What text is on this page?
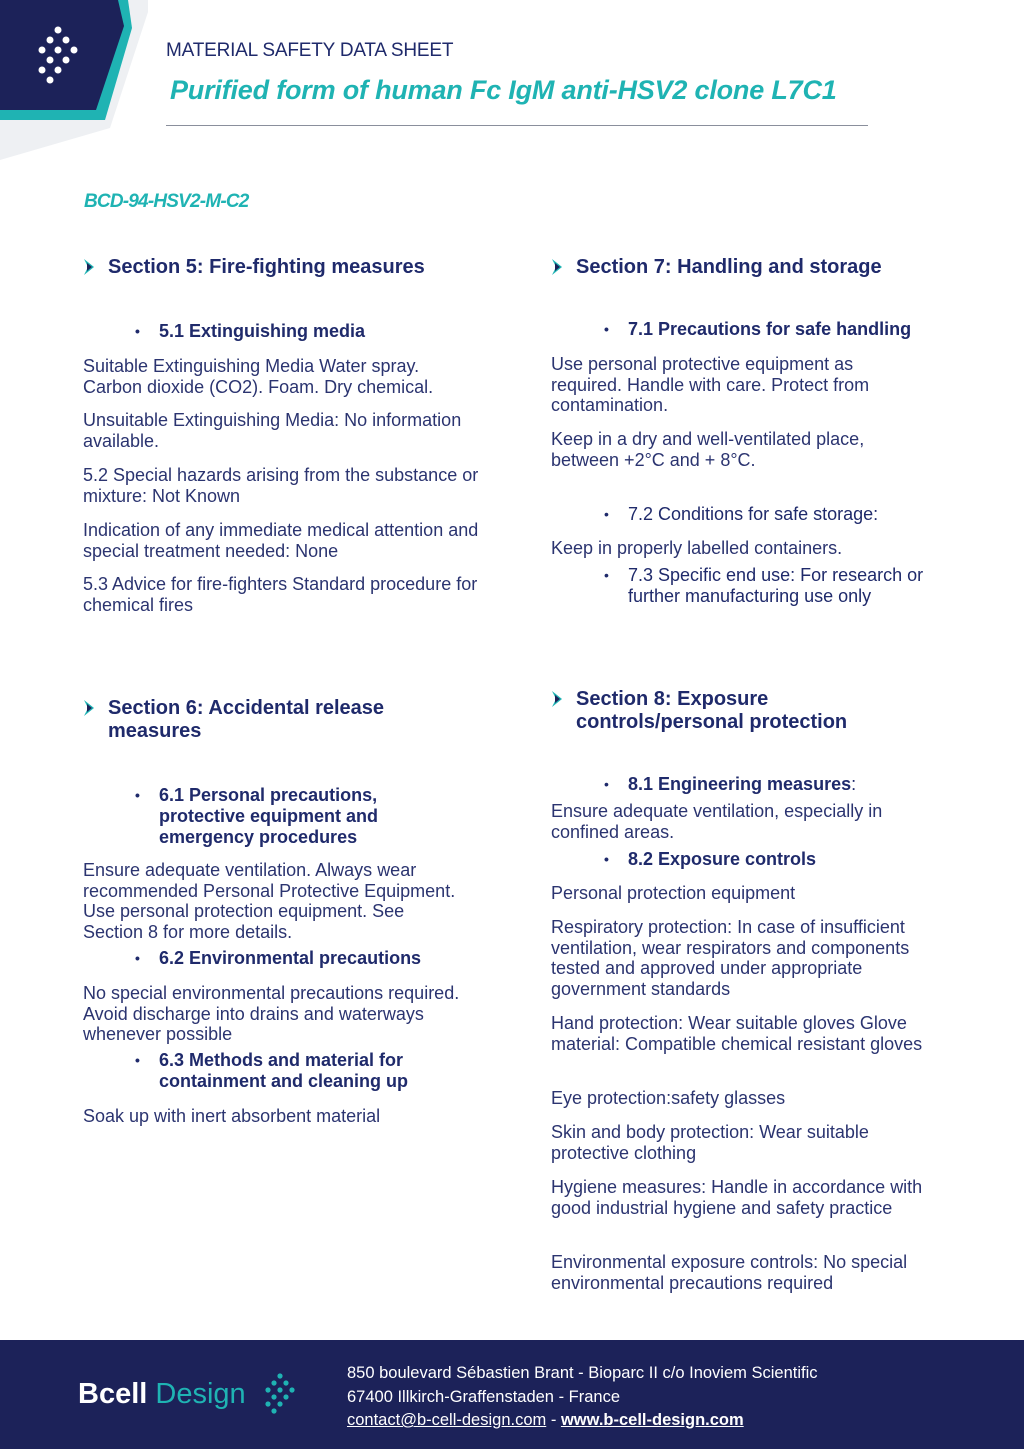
MATERIAL SAFETY DATA SHEET
Purified form of human Fc IgM anti-HSV2 clone L7C1
BCD-94-HSV2-M-C2
Section 5: Fire-fighting measures
• 5.1 Extinguishing media
Suitable Extinguishing Media Water spray. Carbon dioxide (CO2). Foam. Dry chemical.
Unsuitable Extinguishing Media: No information available.
5.2 Special hazards arising from the substance or mixture: Not Known
Indication of any immediate medical attention and special treatment needed: None
5.3 Advice for fire-fighters Standard procedure for chemical fires
Section 6: Accidental release measures
• 6.1 Personal precautions, protective equipment and emergency procedures
Ensure adequate ventilation. Always wear recommended Personal Protective Equipment. Use personal protection equipment. See Section 8 for more details.
• 6.2 Environmental precautions
No special environmental precautions required. Avoid discharge into drains and waterways whenever possible
• 6.3 Methods and material for containment and cleaning up
Soak up with inert absorbent material
Section 7: Handling and storage
• 7.1 Precautions for safe handling
Use personal protective equipment as required. Handle with care. Protect from contamination.
Keep in a dry and well-ventilated place, between +2°C and + 8°C.
• 7.2 Conditions for safe storage:
Keep in properly labelled containers.
• 7.3 Specific end use: For research or further manufacturing use only
Section 8: Exposure controls/personal protection
• 8.1 Engineering measures:
Ensure adequate ventilation, especially in confined areas.
• 8.2 Exposure controls
Personal protection equipment
Respiratory protection: In case of insufficient ventilation, wear respirators and components tested and approved under appropriate government standards
Hand protection: Wear suitable gloves Glove material: Compatible chemical resistant gloves
Eye protection:safety glasses
Skin and body protection: Wear suitable protective clothing
Hygiene measures: Handle in accordance with good industrial hygiene and safety practice
Environmental exposure controls: No special environmental precautions required
Bcell Design
850 boulevard Sébastien Brant - Bioparc II c/o Inoviem Scientific
67400 Illkirch-Graffenstaden - France
contact@b-cell-design.com - www.b-cell-design.com
